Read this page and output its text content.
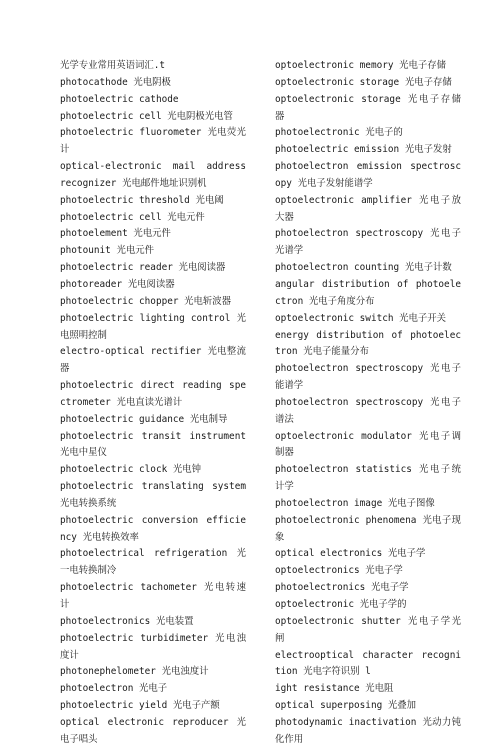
光学专业常用英语词汇.t

photocathode 光电阴极

photoelectric cathode

photoelectric cell 光电阴极光电管

photoelectric fluorometer 光电荧光计

optical-electronic mail address recognizer 光电邮件地址识别机

photoelectric threshold 光电阈

photoelectric cell 光电元件

photoelement 光电元件

photounit 光电元件

photoelectric reader 光电阅读器

photoreader 光电阅读器

photoelectric chopper 光电斩波器

photoelectric lighting control 光电照明控制

electro-optical rectifier 光电整流器

photoelectric direct reading spectrometer 光电直读光谱计

photoelectric guidance 光电制导

photoelectric transit instrument 光电中星仪

photoelectric clock 光电钟

photoelectric translating system 光电转换系统

photoelectric conversion efficiency 光电转换效率

photoelectrical refrigeration 光一电转换制冷

photoelectric tachometer 光电转速计

photoelectronics 光电装置

photoelectric turbidimeter 光电浊度计

photonephelometer 光电浊度计

photoelectron 光电子

photoelectric yield 光电子产额

optical electronic reproducer 光电子唱头

optoelectronic memory 光电子存储

optoelectronic storage 光电子存储

optoelectronic storage 光电子存储器

photoelectronic 光电子的

photoelectric emission 光电子发射

photoelectron emission spectroscopy 光电子发射能谱学

optoelectronic amplifier 光电子放大器

photoelectron spectroscopy 光电子光谱学

photoelectron counting 光电子计数

angular distribution of photoelectron 光电子角度分布

optoelectronic switch 光电子开关

energy distribution of photoelectron 光电子能量分布

photoelectron spectroscopy 光电子能谱学

photoelectron spectroscopy 光电子谱法

optoelectronic modulator 光电子调制器

photoelectron statistics 光电子统计学

photoelectron image 光电子图像

photoelectronic phenomena 光电子现象

optical electronics 光电子学

optoelectronics 光电子学

photoelectronics 光电子学

optoelectronic 光电子学的

optoelectronic shutter 光电子学光闸

electrooptical character recognition 光电字符识别 l

ight resistance 光电阻

optical superposing 光叠加

photodynamic inactivation 光动力钝化作用
